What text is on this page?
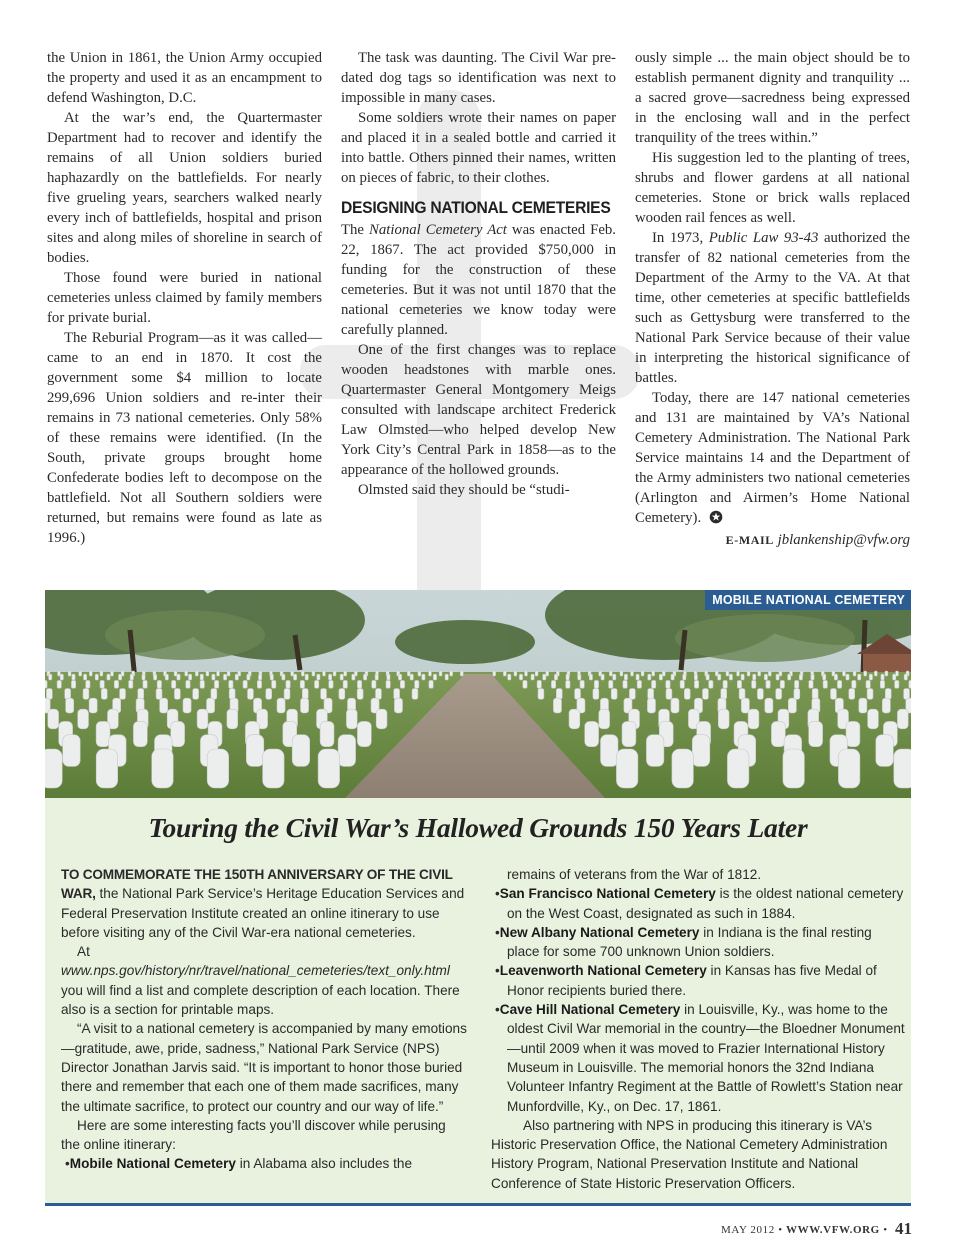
the Union in 1861, the Union Army occupied the property and used it as an encampment to defend Washington, D.C.

At the war’s end, the Quartermaster Department had to recover and identify the remains of all Union soldiers buried haphazardly on the battlefields. For nearly five grueling years, searchers walked nearly every inch of battlefields, hospital and prison sites and along miles of shoreline in search of bodies.

Those found were buried in national cemeteries unless claimed by family members for private burial.

The Reburial Program—as it was called—came to an end in 1870. It cost the government some $4 million to locate 299,696 Union soldiers and re-inter their remains in 73 national cemeteries. Only 58% of these remains were identified. (In the South, private groups brought home Confederate bodies left to decompose on the battlefield. Not all Southern soldiers were returned, but remains were found as late as 1996.)

The task was daunting. The Civil War pre-dated dog tags so identification was next to impossible in many cases.

Some soldiers wrote their names on paper and placed it in a sealed bottle and carried it into battle. Others pinned their names, written on pieces of fabric, to their clothes.

DESIGNING NATIONAL CEMETERIES

The National Cemetery Act was enacted Feb. 22, 1867. The act provided $750,000 in funding for the construction of these cemeteries. But it was not until 1870 that the national cemeteries we know today were carefully planned.

One of the first changes was to replace wooden headstones with marble ones. Quartermaster General Montgomery Meigs consulted with landscape architect Frederick Law Olmsted—who helped develop New York City’s Central Park in 1858—as to the appearance of the hollowed grounds.

Olmsted said they should be “studi-

ously simple ... the main object should be to establish permanent dignity and tranquility ... a sacred grove—sacredness being expressed in the enclosing wall and in the perfect tranquility of the trees within.”

His suggestion led to the planting of trees, shrubs and flower gardens at all national cemeteries. Stone or brick walls replaced wooden rail fences as well.

In 1973, Public Law 93-43 authorized the transfer of 82 national cemeteries from the Department of the Army to the VA. At that time, other cemeteries at specific battlefields such as Gettysburg were transferred to the National Park Service because of their value in interpreting the historical significance of battles.

Today, there are 147 national cemeteries and 131 are maintained by VA’s National Cemetery Administration. The National Park Service maintains 14 and the Department of the Army administers two national cemeteries (Arlington and Airmen’s Home National Cemetery).

E-MAIL jblankenship@vfw.org
MOBILE NATIONAL CEMETERY
Touring the Civil War’s Hallowed Grounds 150 Years Later

TO COMMEMORATE THE 150TH ANNIVERSARY OF THE CIVIL WAR, the National Park Service’s Heritage Education Services and Federal Preservation Institute created an online itinerary to use before visiting any of the Civil War-era national cemeteries.

At www.nps.gov/history/nr/travel/national_cemeteries/text_only.html you will find a list and complete description of each location. There also is a section for printable maps.

“A visit to a national cemetery is accompanied by many emotions—gratitude, awe, pride, sadness,” National Park Service (NPS) Director Jonathan Jarvis said. “It is important to honor those buried there and remember that each one of them made sacrifices, many the ultimate sacrifice, to protect our country and our way of life.”

Here are some interesting facts you’ll discover while perusing the online itinerary:

•Mobile National Cemetery in Alabama also includes the

remains of veterans from the War of 1812.

•San Francisco National Cemetery is the oldest national cemetery on the West Coast, designated as such in 1884.

•New Albany National Cemetery in Indiana is the final resting place for some 700 unknown Union soldiers.

•Leavenworth National Cemetery in Kansas has five Medal of Honor recipients buried there.

•Cave Hill National Cemetery in Louisville, Ky., was home to the oldest Civil War memorial in the country—the Bloedner Monument—until 2009 when it was moved to Frazier International History Museum in Louisville. The memorial honors the 32nd Indiana Volunteer Infantry Regiment at the Battle of Rowlett’s Station near Munfordville, Ky., on Dec. 17, 1861.

Also partnering with NPS in producing this itinerary is VA’s Historic Preservation Office, the National Cemetery Administration History Program, National Preservation Institute and National Conference of State Historic Preservation Officers.

MAY 2012 • WWW.VFW.ORG • 41
